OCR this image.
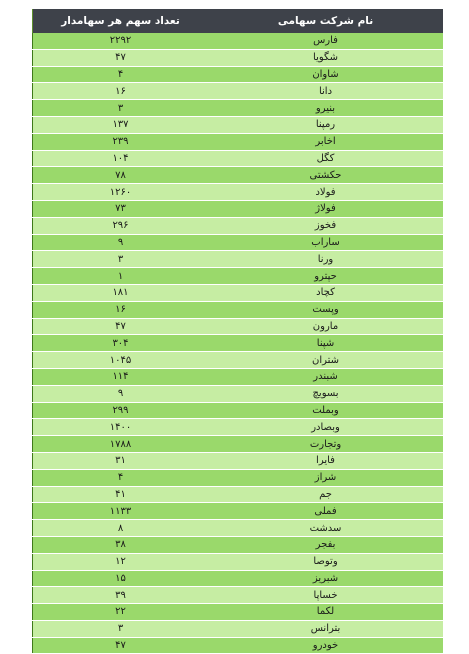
نام شرکت سهامی
تعداد سهم هر سهامدار
فارس
۲۲۹۲
شگویا
۴۷
شاوان
۴
دانا
۱۶
بنیرو
۳
رمپنا
۱۳۷
اخابر
۲۳۹
کگل
۱۰۴
حکشتی
۷۸
فولاد
۱۲۶۰
فولاژ
۷۳
فخوز
۲۹۶
ساراب
۹
ورنا
۳
حپترو
۱
کچاد
۱۸۱
وپست
۱۶
مارون
۴۷
شپنا
۳۰۴
شتران
۱۰۴۵
شبندر
۱۱۴
بسویچ
۹
وبملت
۲۹۹
وبصادر
۱۴۰۰
وتجارت
۱۷۸۸
فایرا
۳۱
شراز
۴
جم
۴۱
فملی
۱۱۳۳
سدشت
۸
بفجر
۳۸
وتوصا
۱۲
شبریز
۱۵
خساپا
۳۹
لکما
۲۲
بترانس
۳
خودرو
۴۷
